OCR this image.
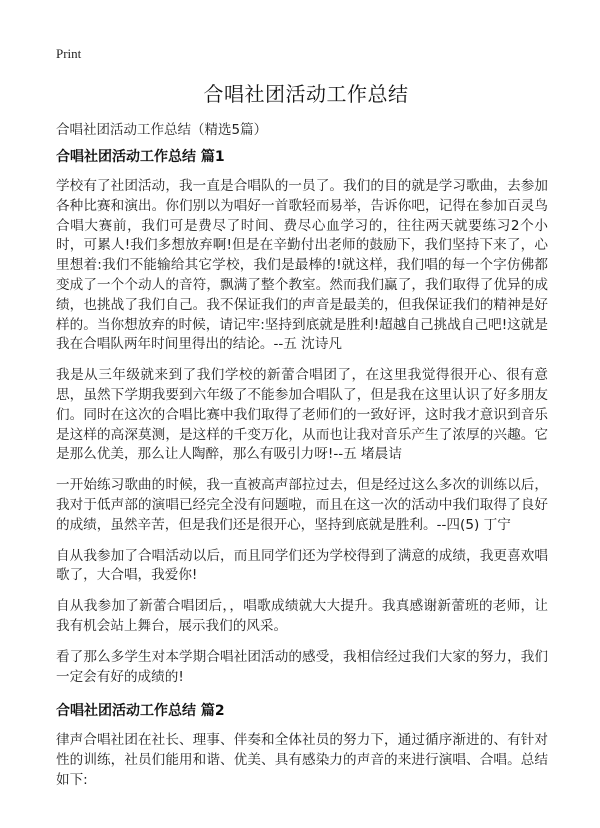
Print
合唱社团活动工作总结
合唱社团活动工作总结（精选5篇）
合唱社团活动工作总结 篇1

学校有了社团活动，我一直是合唱队的一员了。我们的目的就是学习歌曲，去参加各种比赛和演出。你们别以为唱好一首歌轻而易举，告诉你吧，记得在参加百灵鸟合唱大赛前，我们可是费尽了时间、费尽心血学习的，往往两天就要练习2个小时，可累人!我们多想放弃啊!但是在辛勤付出老师的鼓励下，我们坚持下来了，心里想着:我们不能输给其它学校，我们是最棒的!就这样，我们唱的每一个字仿佛都变成了一个个动人的音符，飘满了整个教室。然而我们赢了，我们取得了优异的成绩，也挑战了我们自己。我不保证我们的声音是最美的，但我保证我们的精神是好样的。当你想放弃的时候，请记牢:坚持到底就是胜利!超越自己挑战自己吧!这就是我在合唱队两年时间里得出的结论。--五 沈诗凡

我是从三年级就来到了我们学校的新蕾合唱团了，在这里我觉得很开心、很有意思，虽然下学期我要到六年级了不能参加合唱队了，但是我在这里认识了好多朋友们。同时在这次的合唱比赛中我们取得了老师们的一致好评，这时我才意识到音乐是这样的高深莫测，是这样的千变万化，从而也让我对音乐产生了浓厚的兴趣。它是那么优美，那么让人陶醉，那么有吸引力呀!--五 堵晨诘

一开始练习歌曲的时候，我一直被高声部拉过去，但是经过这么多次的训练以后，我对于低声部的演唱已经完全没有问题啦，而且在这一次的活动中我们取得了良好的成绩，虽然辛苦，但是我们还是很开心，坚持到底就是胜利。--四(5) 丁宁

自从我参加了合唱活动以后，而且同学们还为学校得到了满意的成绩，我更喜欢唱歌了，大合唱，我爱你!

自从我参加了新蕾合唱团后，，唱歌成绩就大大提升。我真感谢新蕾班的老师，让我有机会站上舞台，展示我们的风采。

看了那么多学生对本学期合唱社团活动的感受，我相信经过我们大家的努力，我们一定会有好的成绩的!

合唱社团活动工作总结 篇2

律声合唱社团在社长、理事、伴奏和全体社员的努力下，通过循序渐进的、有针对性的训练，社员们能用和谐、优美、具有感染力的声音的来进行演唱、合唱。总结如下:
